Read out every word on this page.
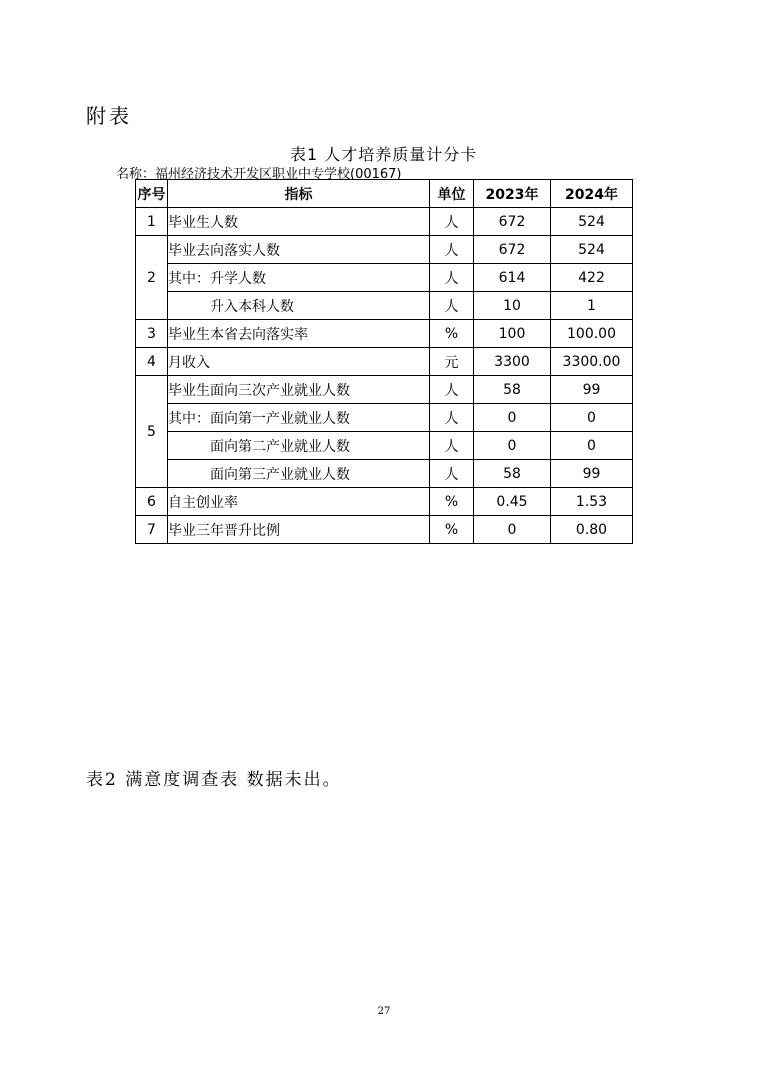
附表
表1 人才培养质量计分卡
名称：福州经济技术开发区职业中专学校(00167)
序号	指标	单位	2023年	2024年
1	毕业生人数	人	672	524
2	毕业去向落实人数	人	672	524
	其中：升学人数	人	614	422
	升入本科人数	人	10	1
3	毕业生本省去向落实率	%	100	100.00
4	月收入	元	3300	3300.00
5	毕业生面向三次产业就业人数	人	58	99
	其中：面向第一产业就业人数	人	0	0
	面向第二产业就业人数	人	0	0
	面向第三产业就业人数	人	58	99
6	自主创业率	%	0.45	1.53
7	毕业三年晋升比例	%	0	0.80
表2 满意度调查表 数据未出。
27
